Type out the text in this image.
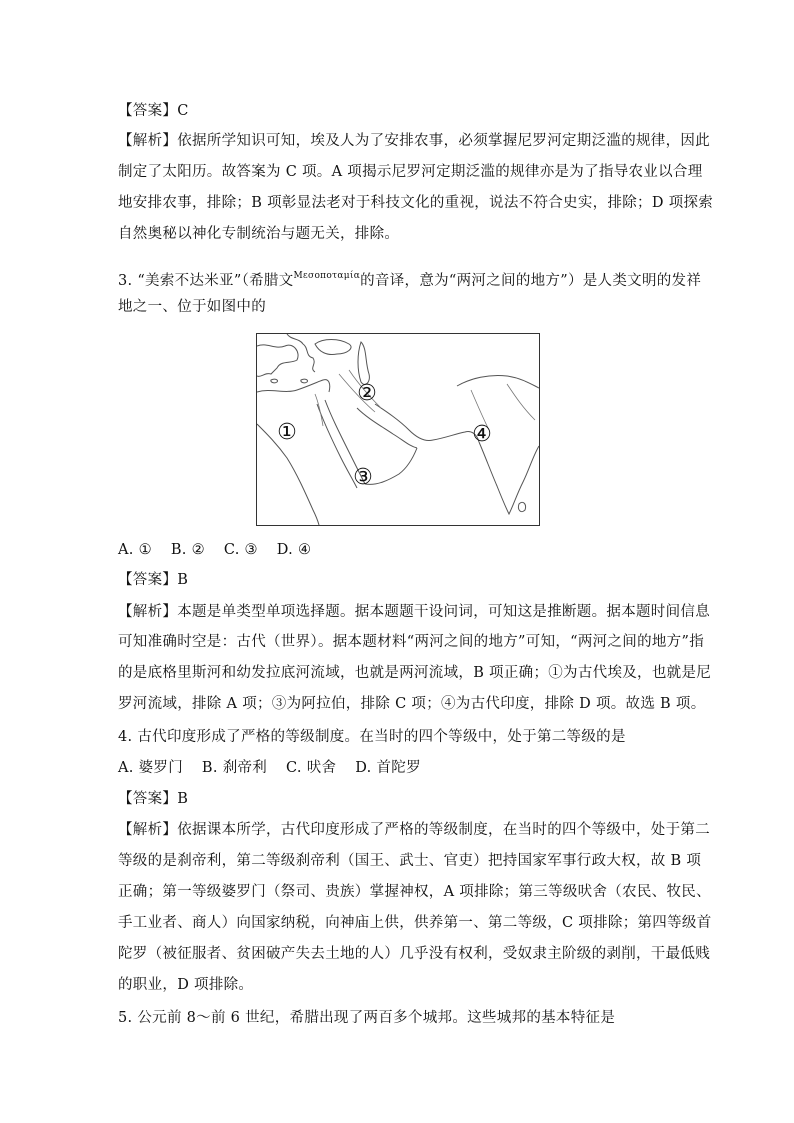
【答案】C
【解析】依据所学知识可知，埃及人为了安排农事，必须掌握尼罗河定期泛滥的规律，因此
制定了太阳历。故答案为 C 项。A 项揭示尼罗河定期泛滥的规律亦是为了指导农业以合理
地安排农事，排除；B 项彰显法老对于科技文化的重视，说法不符合史实，排除；D 项探索
自然奥秘以神化专制统治与题无关，排除。
3. “美索不达米亚”（希腊文$^{M\varepsilon\sigma o\pi o\tau\alpha\mu ί\alpha}$的音译，意为“两河之间的地方”）是人类文明的发祥
地之一、位于如图中的
①
②
③
④
A. ① B. ② C. ③ D. ④
【答案】B
【解析】本题是单类型单项选择题。据本题题干设问词，可知这是推断题。据本题时间信息
可知准确时空是：古代（世界）。据本题材料“两河之间的地方”可知，“两河之间的地方”指
的是底格里斯河和幼发拉底河流域，也就是两河流域，B 项正确；①为古代埃及，也就是尼
罗河流域，排除 A 项；③为阿拉伯，排除 C 项；④为古代印度，排除 D 项。故选 B 项。
4. 古代印度形成了严格的等级制度。在当时的四个等级中，处于第二等级的是
A. 婆罗门 B. 刹帝利 C. 吠舍 D. 首陀罗
【答案】B
【解析】依据课本所学，古代印度形成了严格的等级制度，在当时的四个等级中，处于第二
等级的是刹帝利，第二等级刹帝利（国王、武士、官吏）把持国家军事行政大权，故 B 项
正确；第一等级婆罗门（祭司、贵族）掌握神权，A 项排除；第三等级吠舍（农民、牧民、
手工业者、商人）向国家纳税，向神庙上供，供养第一、第二等级，C 项排除；第四等级首
陀罗（被征服者、贫困破产失去土地的人）几乎没有权利，受奴隶主阶级的剥削，干最低贱
的职业，D 项排除。
5. 公元前 8～前 6 世纪，希腊出现了两百多个城邦。这些城邦的基本特征是
